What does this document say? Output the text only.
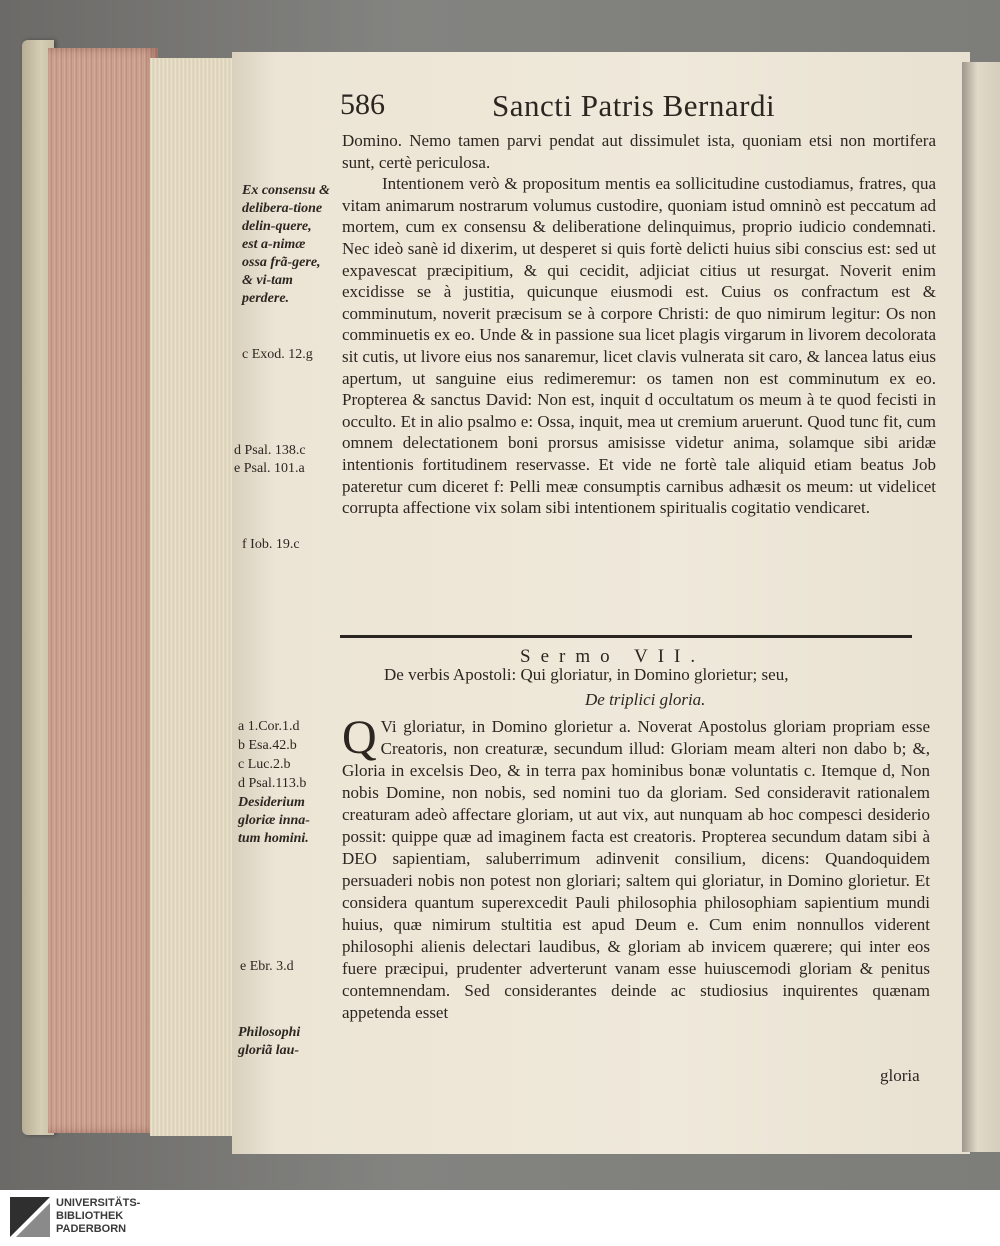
586	Sancti Patris Bernardi

Domino. Nemo tamen parvi pendat aut dissimulet ista, quoniam etsi non mortifera sunt, certè periculosa.

Intentionem verò & propositum mentis ea sollicitudine custodiamus, fratres, qua vitam animarum nostrarum volumus custodire, quoniam istud omninò est peccatum ad mortem, cum ex consensu & deliberatione delinquimus, proprio iudicio condemnati. Nec ideò sanè id dixerim, ut desperet si quis fortè delicti huius sibi conscius est: sed ut expavescat præcipitium, & qui cecidit, adjiciat citius ut resurgat. Noverit enim excidisse se à justitia, quicunque eiusmodi est. Cuius os confractum est & comminutum, noverit præcisum se à corpore Christi: de quo nimirum legitur: Os non comminuetis ex eo. Unde & in passione sua licet plagis virgarum in livorem decolorata sit cutis, ut livore eius nos sanaremur, licet clavis vulnerata sit caro, & lancea latus eius apertum, ut sanguine eius redimeremur: os tamen non est comminutum ex eo. Propterea & sanctus David: Non est, inquit d occultatum os meum à te quod fecisti in occulto. Et in alio psalmo e: Ossa, inquit, mea ut cremium aruerunt. Quod tunc fit, cum omnem delectationem boni prorsus amisisse videtur anima, solamque sibi aridæ intentionis fortitudinem reservasse. Et vide ne fortè tale aliquid etiam beatus Job pateretur cum diceret f: Pelli meæ consumptis carnibus adhæsit os meum: ut videlicet corrupta affectione vix solam sibi intentionem spiritualis cogitatio vendicaret.

Sermo VII.
De verbis Apostoli: Qui gloriatur, in Domino glorietur; seu,
De triplici gloria.

Q Vi gloriatur, in Domino glorietur a. Noverat Apostolus gloriam propriam esse Creatoris, non creaturæ, secundum illud: Gloriam meam alteri non dabo b; &, Gloria in excelsis Deo, & in terra pax hominibus bonæ voluntatis c. Itemque d, Non nobis Domine, non nobis, sed nomini tuo da gloriam. Sed consideravit rationalem creaturam adeò affectare gloriam, ut aut vix, aut nunquam ab hoc compesci desiderio possit: quippe quæ ad imaginem facta est creatoris. Propterea secundum datam sibi à DEO sapientiam, saluberrimum adinvenit consilium, dicens: Quandoquidem persuaderi nobis non potest non gloriari; saltem qui gloriatur, in Domino glorietur. Et considera quantum superexcedit Pauli philosophia philosophiam sapientium mundi huius, quæ nimirum stultitia est apud Deum e. Cum enim nonnullos viderent philosophi alienis delectari laudibus, & gloriam ab invicem quærere; qui inter eos fuere præcipui, prudenter adverterunt vanam esse huiuscemodi gloriam & penitus contemnendam. Sed considerantes deinde ac studiosius inquirentes quænam appetenda esset

gloria
Ex consensu & delibera-tione delin-quere, est a-nimæ ossa frã-gere, & vi-tam perdere.
c Exod. 12.g
d Psal. 138.c
e Psal. 101.a
f Iob. 19.c
a 1.Cor.1.d
b Esa.42.b
c Luc.2.b
d Psal.113.b
Desiderium gloriæ inna-tum homini.
e Ebr. 3.d
Philosophi gloriã lau-
UNIVERSITÄTS-
BIBLIOTHEK
PADERBORN
